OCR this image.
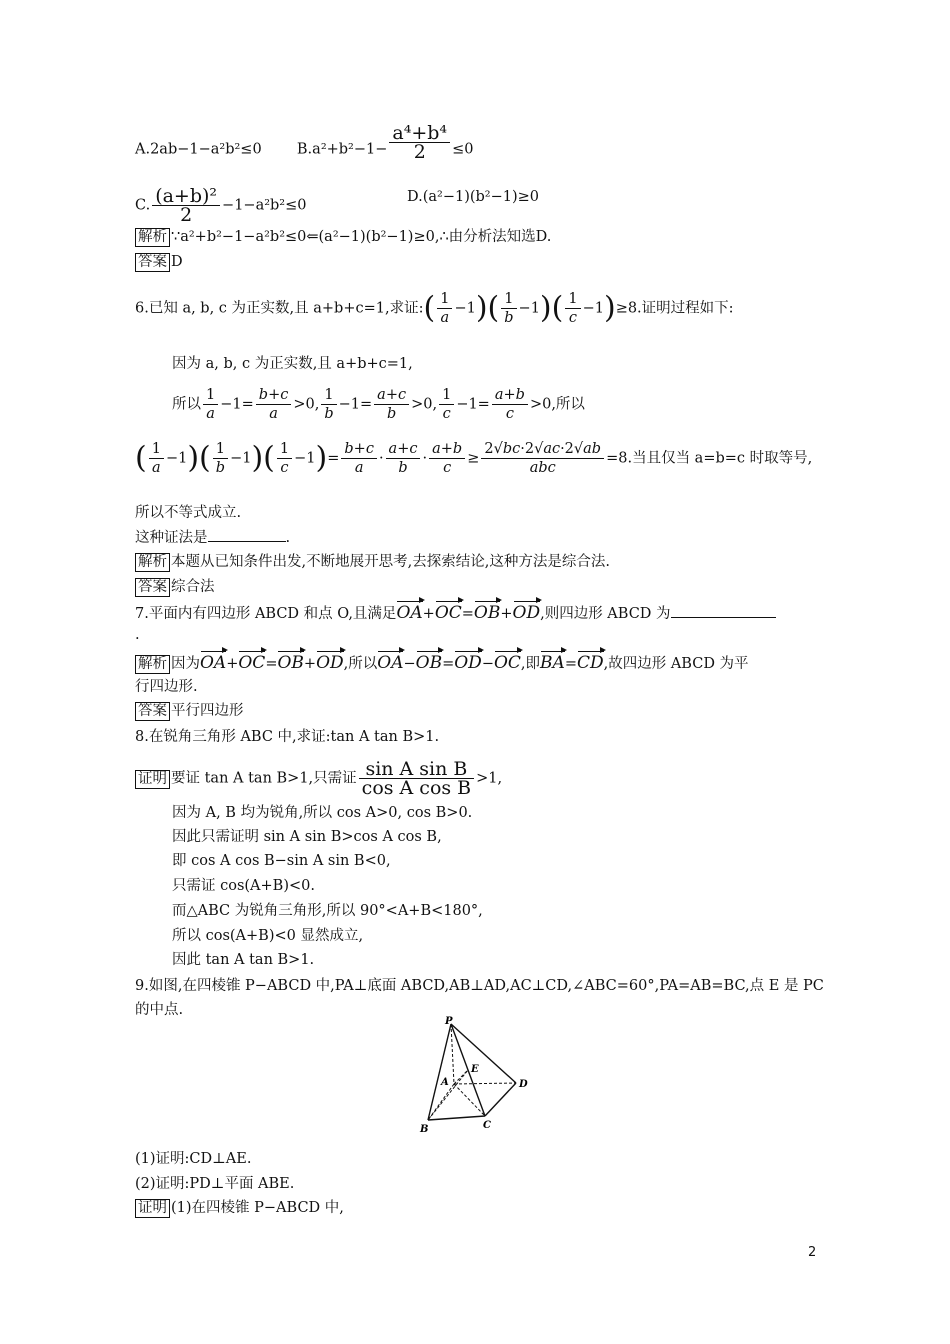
A.2ab−1−a²b²≤0 $B.a^2+b^2-1- \frac{\text{a⁴+b⁴}}{2} \le 0$
C. $\frac{\text{(a+b)²}}{2} -1-a^2b^2\le 0$
D.(a²−1)(b²−1)≥0
解析 ∵a²+b²−1−a²b²≤0⇐(a²−1)(b²−1)≥0,∴由分析法知选D.
答案 D
6.已知 a, b, c 为正实数,且 a+b+c=1,求证:( $\frac{1}{a} -1)( \frac{1}{b} -1)( \frac{1}{c} -1)\ge 8$.证明过程如下:
因为 a, b, c 为正实数,且 a+b+c=1,
所以 $\frac{1}{a} -1= \frac{b+c}{a} >0$, $\frac{1}{b} -1= \frac{a+c}{b} >0$, $\frac{1}{c} -1= \frac{a+b}{c} >0$,所以
( $\frac{1}{a} -1)( \frac{1}{b} -1)( \frac{1}{c} -1)= \frac{b+c}{a} \cdot \frac{a+c}{b} \cdot \frac{a+b}{c} \ge \frac{2√bc\cdot 2√ac\cdot 2√ab}{\text{abc}} =8$.当且仅当 a=b=c 时取等号,
所以不等式成立.
这种证法是	.
解析 本题从已知条件出发,不断地展开思考,去探索结论,这种方法是综合法.
答案 综合法
7.平面内有四边形 ABCD 和点 O,且满足OA+OC=OB+OD,则四边形 ABCD 为
.
解析 因为OA+OC=OB+OD,所以OA−OB=OD−OC,即BA=CD,故四边形 ABCD 为平
行四边形.
答案 平行四边形
8.在锐角三角形 ABC 中,求证:tan A tan B>1.
证明 要证 tan A tan B>1,只需证 $\frac{\text{sin A sin B}}{\text{cos A cos B}} >1$,
因为 A, B 均为锐角,所以 cos A>0, cos B>0.
因此只需证明 sin A sin B>cos A cos B,
即 cos A cos B−sin A sin B<0,
只需证 cos(A+B)<0.
而△ABC 为锐角三角形,所以 90°<A+B<180°,
所以 cos(A+B)<0 显然成立,
因此 tan A tan B>1.
9.如图,在四棱锥 P−ABCD 中,PA⊥底面 ABCD,AB⊥AD,AC⊥CD,∠ABC=60°,PA=AB=BC,点 E 是 PC
的中点.
P
A
E
D
B	C
(1)证明:CD⊥AE.
(2)证明:PD⊥平面 ABE.
证明 (1)在四棱锥 P−ABCD 中,
2
